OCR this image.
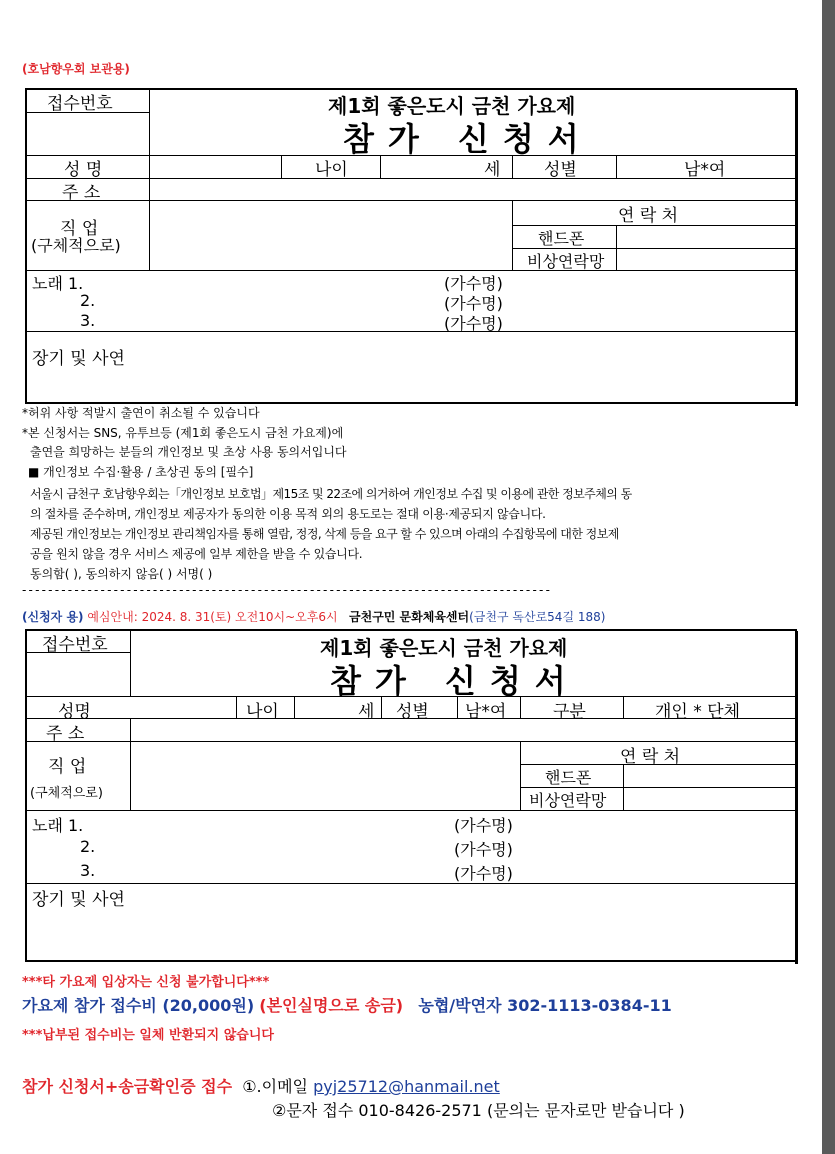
(호남향우회 보관용)
접수번호	제1회 좋은도시 금천 가요제
참가 신청서
성 명	나이	세	성별	남*여
주 소
직 업
(구체적으로)
연 락 처
핸드폰
비상연락망
노래 1.
2.
3.
(가수명)
(가수명)
(가수명)
장기 및 사연
*허위 사항 적발시 출연이 취소될 수 있습니다
*본 신청서는 SNS, 유투브등 (제1회 좋은도시 금천 가요제)에
출연을 희망하는 분들의 개인정보 및 초상 사용 동의서입니다
■ 개인정보 수집·활용 / 초상권 동의 [필수]
서울시 금천구 호남향우회는「개인정보 보호법」제15조 및 22조에 의거하여 개인정보 수집 및 이용에 관한 정보주체의 동
의 절차를 준수하며, 개인정보 제공자가 동의한 이용 목적 외의 용도로는 절대 이용·제공되지 않습니다.
제공된 개인정보는 개인정보 관리책임자를 통해 열람, 정정, 삭제 등을 요구 할 수 있으며 아래의 수집항목에 대한 정보제
공을 원치 않을 경우 서비스 제공에 일부 제한을 받을 수 있습니다.
동의함( ), 동의하지 않음( ) 서명( )
- - - - - - - - - - - - - - - - - - - - - - - - - - - - - - - - - - - - - - - - - - - - - - - - - - - - - - - - - - - - - - - - - - - - - - - - - - - - - - - - -
(신청자 용) 예심안내: 2024. 8. 31(토) 오전10시~오후6시 금천구민 문화체육센터(금천구 독산로54길 188)
접수번호	제1회 좋은도시 금천 가요제
참가 신청서
성명	나이	세 성별 남*여	구분	개인 * 단체
주 소
직 업
(구체적으로)
연 락 처
핸드폰
비상연락망
노래 1.
2.
3.
(가수명)
(가수명)
(가수명)
장기 및 사연
***타 가요제 입상자는 신청 불가합니다***
가요제 참가 접수비 (20,000원) (본인실명으로 송금) 농협/박연자 302-1113-0384-11
***납부된 접수비는 일체 반환되지 않습니다
참가 신청서+송금확인증 접수 ①.이메일 pyj25712@hanmail.net
②문자 접수 010-8426-2571 (문의는 문자로만 받습니다 )
